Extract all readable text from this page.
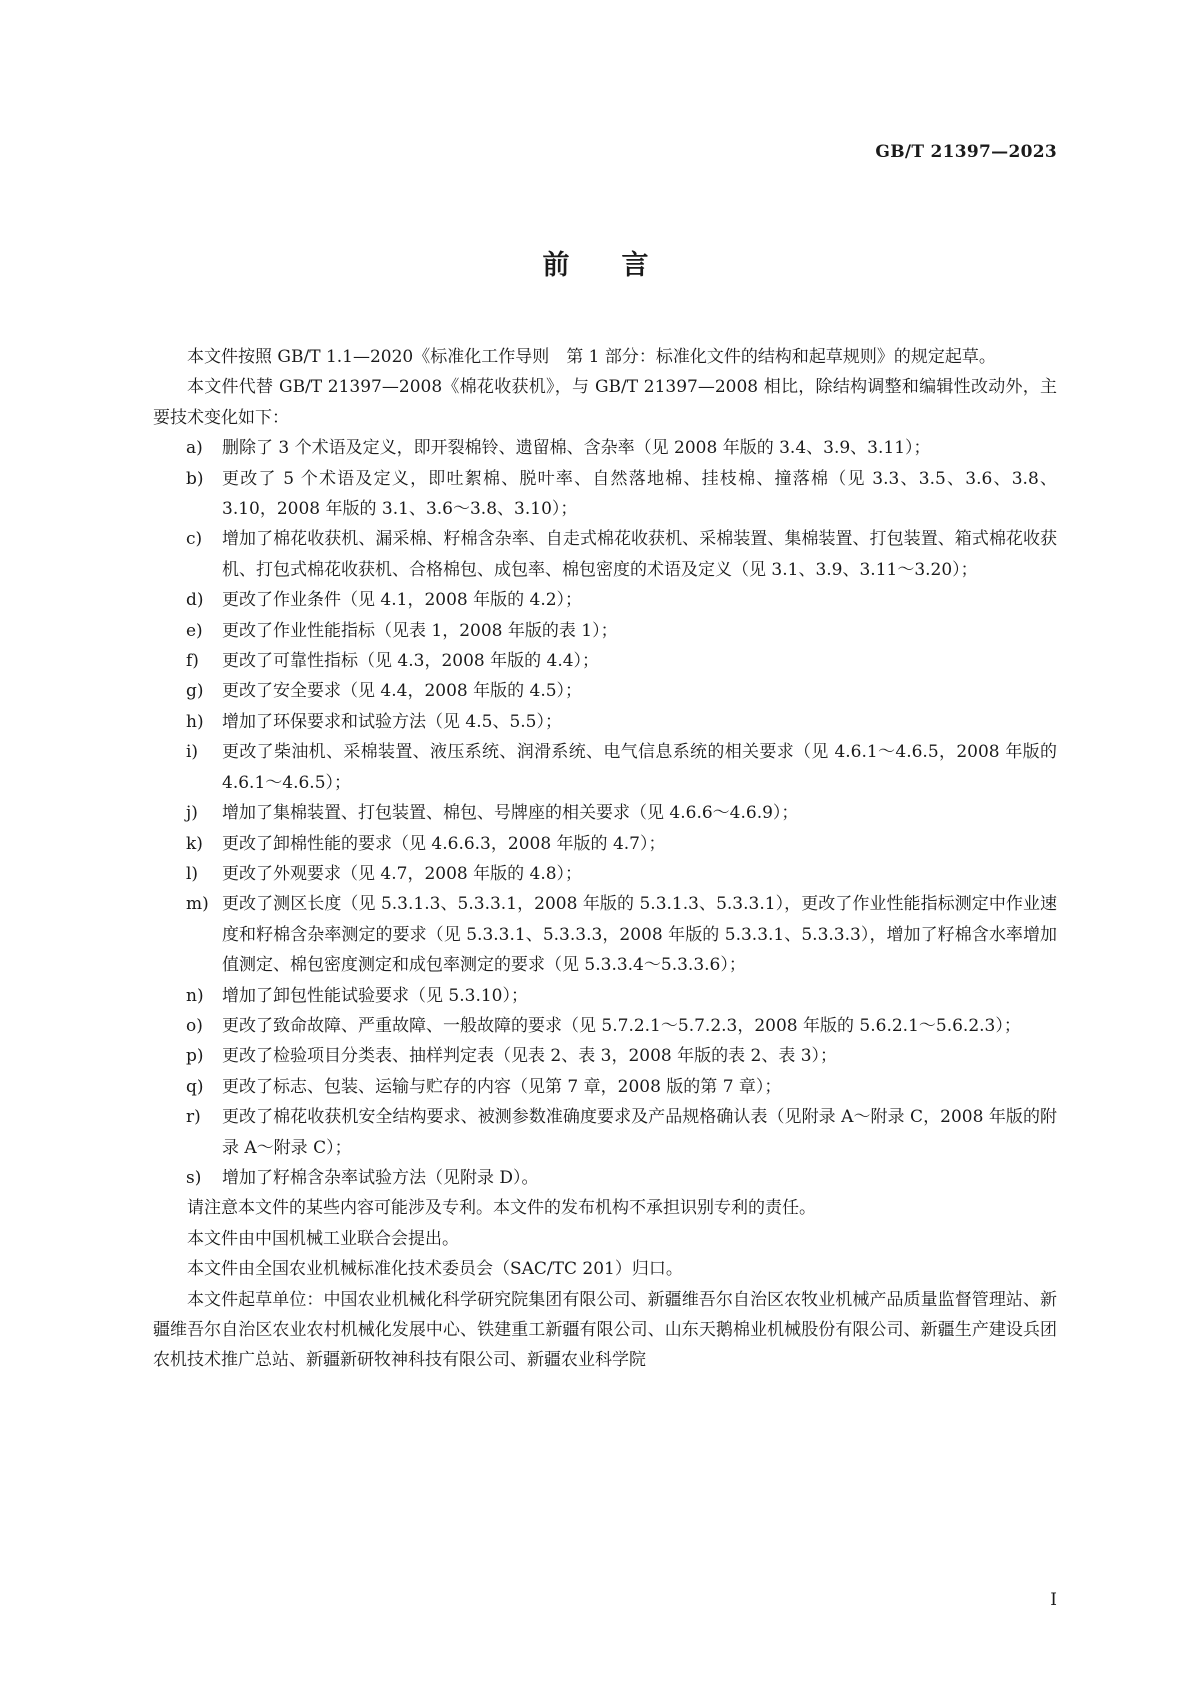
GB/T 21397—2023
前言

本文件按照 GB/T 1.1—2020《标准化工作导则　第 1 部分：标准化文件的结构和起草规则》的规定起草。

本文件代替 GB/T 21397—2008《棉花收获机》，与 GB/T 21397—2008 相比，除结构调整和编辑性改动外，主要技术变化如下：

a) 删除了 3 个术语及定义，即开裂棉铃、遗留棉、含杂率（见 2008 年版的 3.4、3.9、3.11）；
b) 更改了 5 个术语及定义，即吐絮棉、脱叶率、自然落地棉、挂枝棉、撞落棉（见 3.3、3.5、3.6、3.8、3.10，2008 年版的 3.1、3.6～3.8、3.10）；
c) 增加了棉花收获机、漏采棉、籽棉含杂率、自走式棉花收获机、采棉装置、集棉装置、打包装置、箱式棉花收获机、打包式棉花收获机、合格棉包、成包率、棉包密度的术语及定义（见 3.1、3.9、3.11～3.20）；
d) 更改了作业条件（见 4.1，2008 年版的 4.2）；
e) 更改了作业性能指标（见表 1，2008 年版的表 1）；
f) 更改了可靠性指标（见 4.3，2008 年版的 4.4）；
g) 更改了安全要求（见 4.4，2008 年版的 4.5）；
h) 增加了环保要求和试验方法（见 4.5、5.5）；
i) 更改了柴油机、采棉装置、液压系统、润滑系统、电气信息系统的相关要求（见 4.6.1～4.6.5，2008 年版的 4.6.1～4.6.5）；
j) 增加了集棉装置、打包装置、棉包、号牌座的相关要求（见 4.6.6～4.6.9）；
k) 更改了卸棉性能的要求（见 4.6.6.3，2008 年版的 4.7）；
l) 更改了外观要求（见 4.7，2008 年版的 4.8）；
m) 更改了测区长度（见 5.3.1.3、5.3.3.1，2008 年版的 5.3.1.3、5.3.3.1），更改了作业性能指标测定中作业速度和籽棉含杂率测定的要求（见 5.3.3.1、5.3.3.3，2008 年版的 5.3.3.1、5.3.3.3），增加了籽棉含水率增加值测定、棉包密度测定和成包率测定的要求（见 5.3.3.4～5.3.3.6）；
n) 增加了卸包性能试验要求（见 5.3.10）；
o) 更改了致命故障、严重故障、一般故障的要求（见 5.7.2.1～5.7.2.3，2008 年版的 5.6.2.1～5.6.2.3）；
p) 更改了检验项目分类表、抽样判定表（见表 2、表 3，2008 年版的表 2、表 3）；
q) 更改了标志、包装、运输与贮存的内容（见第 7 章，2008 版的第 7 章）；
r) 更改了棉花收获机安全结构要求、被测参数准确度要求及产品规格确认表（见附录 A～附录 C，2008 年版的附录 A～附录 C）；
s) 增加了籽棉含杂率试验方法（见附录 D）。

请注意本文件的某些内容可能涉及专利。本文件的发布机构不承担识别专利的责任。

本文件由中国机械工业联合会提出。

本文件由全国农业机械标准化技术委员会（SAC/TC 201）归口。

本文件起草单位：中国农业机械化科学研究院集团有限公司、新疆维吾尔自治区农牧业机械产品质量监督管理站、新疆维吾尔自治区农业农村机械化发展中心、铁建重工新疆有限公司、山东天鹅棉业机械股份有限公司、新疆生产建设兵团农机技术推广总站、新疆新研牧神科技有限公司、新疆农业科学院

I
